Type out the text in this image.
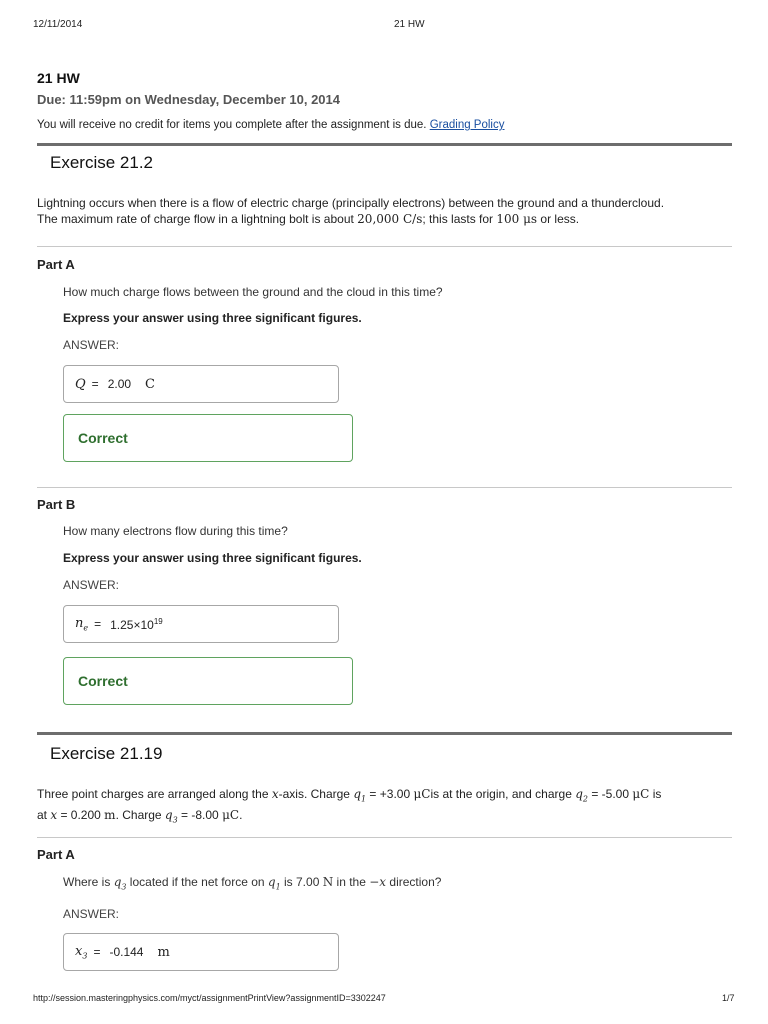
12/11/2014	21 HW
21 HW
Due: 11:59pm on Wednesday, December 10, 2014
You will receive no credit for items you complete after the assignment is due. Grading Policy
Exercise 21.2
Lightning occurs when there is a flow of electric charge (principally electrons) between the ground and a thundercloud.
The maximum rate of charge flow in a lightning bolt is about 20,000 C/s; this lasts for 100 μs or less.
Part A
How much charge flows between the ground and the cloud in this time?
Express your answer using three significant figures.
ANSWER:
Q = 2.00 C
Correct
Part B
How many electrons flow during this time?
Express your answer using three significant figures.
ANSWER:
$n_e = 1.25\times 10^{19}$
Correct
Exercise 21.19
Three point charges are arranged along the x-axis. Charge $q_1 = +3.00$ μCis at the origin, and charge $q_2 = -5.00$ μC is
at x = 0.200 m. Charge $q_3 = -8.00$ μC.
Part A
Where is $q_3$ located if the net force on $q_1$ is 7.00 N in the −x direction?
ANSWER:
$x_3 = -0.144$ m
http://session.masteringphysics.com/myct/assignmentPrintView?assignmentID=3302247	1/7
